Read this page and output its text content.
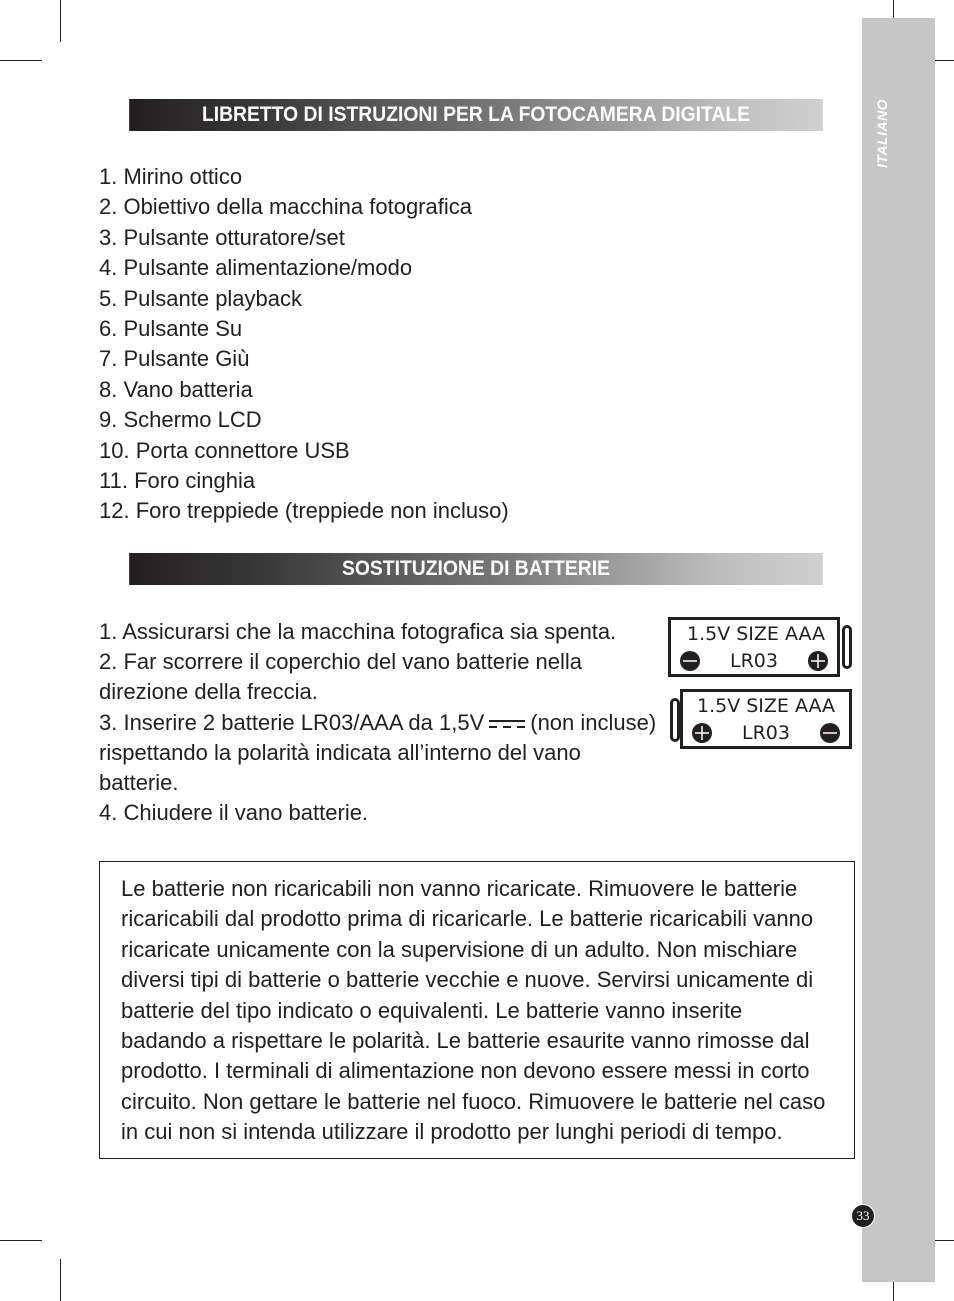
ITALIANO
LIBRETTO DI ISTRUZIONI PER LA FOTOCAMERA DIGITALE
1. Mirino ottico
2. Obiettivo della macchina fotografica
3. Pulsante otturatore/set
4. Pulsante alimentazione/modo
5. Pulsante playback
6. Pulsante Su
7. Pulsante Giù
8. Vano batteria
9. Schermo LCD
10. Porta connettore USB
11. Foro cinghia
12. Foro treppiede (treppiede non incluso)
SOSTITUZIONE DI BATTERIE

1. Assicurarsi che la macchina fotografica sia spenta.

2. Far scorrere il coperchio del vano batterie nella direzione della freccia.

3. Inserire 2 batterie LR03/AAA da 1,5V (non incluse) rispettando la polarità indicata all’interno del vano batterie.

4. Chiudere il vano batterie.

1.5V SIZE AAA
LR03
1.5V SIZE AAA
LR03

Le batterie non ricaricabili non vanno ricaricate. Rimuovere le batterie ricaricabili dal prodotto prima di ricaricarle. Le batterie ricaricabili vanno ricaricate unicamente con la supervisione di un adulto. Non mischiare diversi tipi di batterie o batterie vecchie e nuove. Servirsi unicamente di batterie del tipo indicato o equivalenti. Le batterie vanno inserite badando a rispettare le polarità. Le batterie esaurite vanno rimosse dal prodotto. I terminali di alimentazione non devono essere messi in corto circuito. Non gettare le batterie nel fuoco. Rimuovere le batterie nel caso in cui non si intenda utilizzare il prodotto per lunghi periodi di tempo.

33
